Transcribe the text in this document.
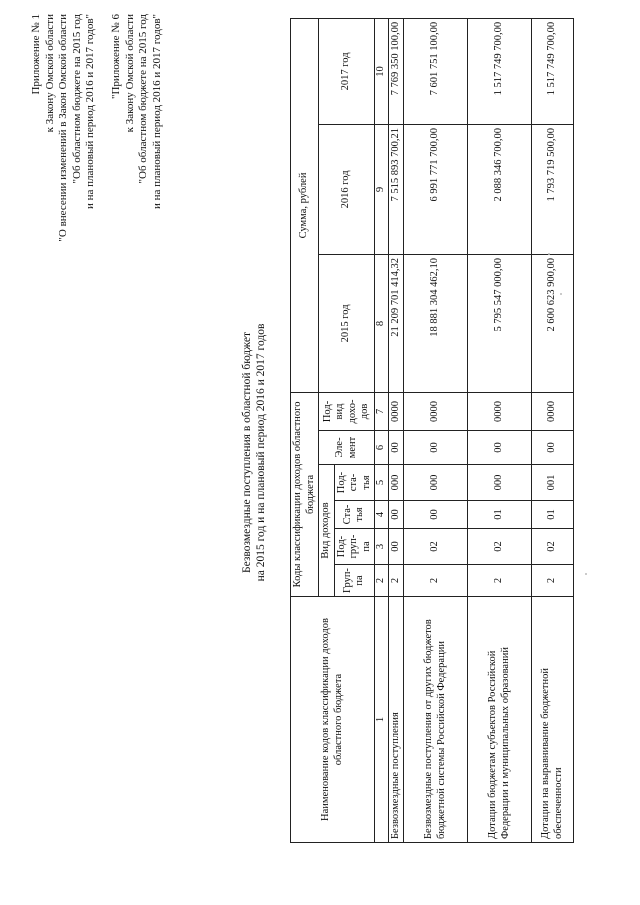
Приложение № 1 к Закону Омской области "О внесении изменений в Закон Омской области "Об областном бюджете на 2015 год и на плановый период 2016 и 2017 годов" "Приложение № 6 к Закону Омской области "Об областном бюджете на 2015 год и на плановый период 2016 и 2017 годов"
Безвозмездные поступления в областной бюджет на 2015 год и на плановый период 2016 и 2017 годов
Наименование кодов классификации доходов областного бюджета	Коды классификации доходов областного бюджета						Сумма, рублей		
	Вид доходов				Эле-мент	Под-вид дохо-дов	2015 год	2016 год	2017 год
	Груп-па	Под-груп-па	Ста-тья	Под-ста-тья					
1	2	3	4	5	6	7	8	9	10
Безвозмездные поступления	2	00	00	000	00	0000	21 209 701 414,32	7 515 893 700,21	7 769 350 100,00
Безвозмездные поступления от других бюджетов бюджетной системы Российской Федерации	2	02	00	000	00	0000	18 881 304 462,10	6 991 771 700,00	7 601 751 100,00
Дотации бюджетам субъектов Российской Федерации и муниципальных образований	2	02	01	000	00	0000	5 795 547 000,00	2 088 346 700,00	1 517 749 700,00
Дотации на выравнивание бюджетной обеспеченности	2	02	01	001	00	0000	2 600 623 900,00	1 793 719 500,00	1 517 749 700,00
